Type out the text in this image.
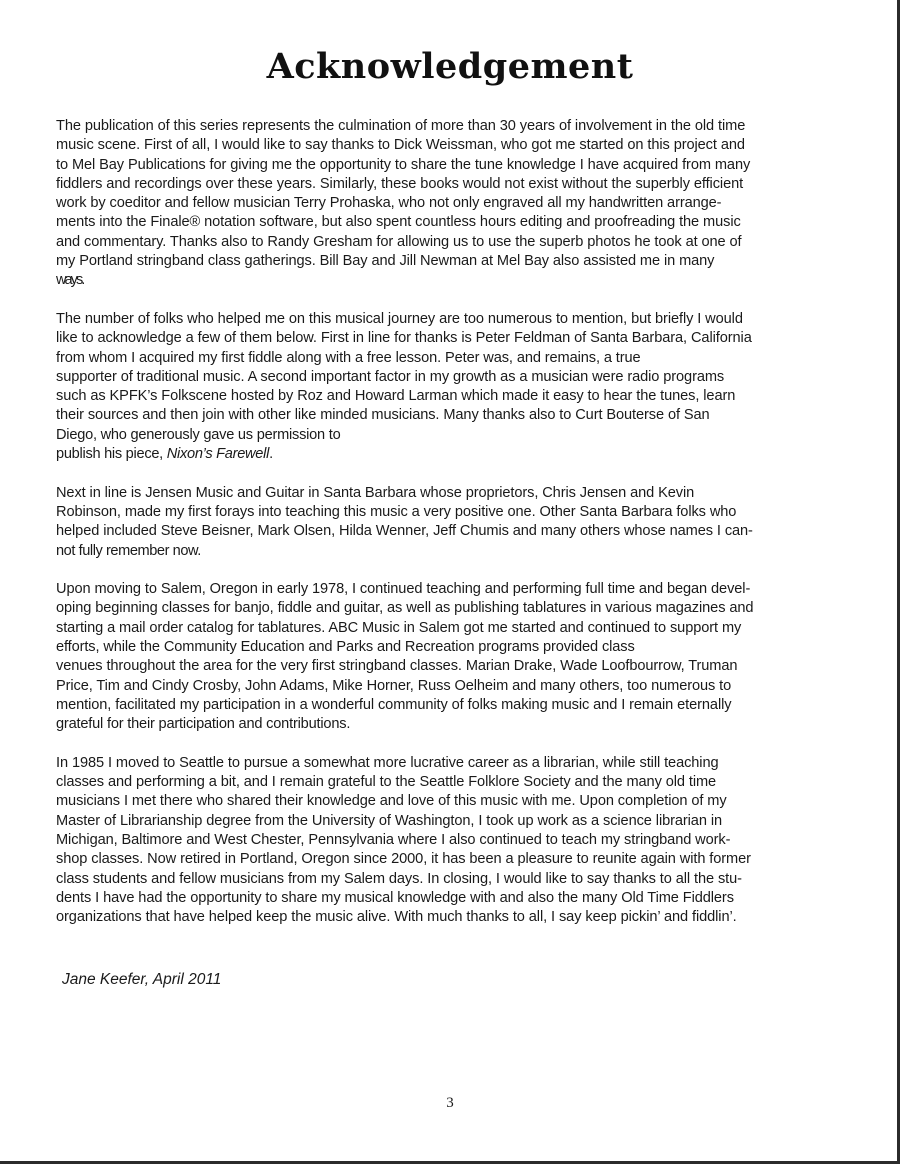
Acknowledgement

The publication of this series represents the culmination of more than 30 years of involvement in the old time
music scene. First of all, I would like to say thanks to Dick Weissman, who got me started on this project and
to Mel Bay Publications for giving me the opportunity to share the tune knowledge I have acquired from many
fiddlers and recordings over these years. Similarly, these books would not exist without the superbly efficient
work by coeditor and fellow musician Terry Prohaska, who not only engraved all my handwritten arrange-
ments into the Finale® notation software, but also spent countless hours editing and proofreading the music
and commentary. Thanks also to Randy Gresham for allowing us to use the superb photos he took at one of
my Portland stringband class gatherings. Bill Bay and Jill Newman at Mel Bay also assisted me in many
ways.

The number of folks who helped me on this musical journey are too numerous to mention, but briefly I would
like to acknowledge a few of them below. First in line for thanks is Peter Feldman of Santa Barbara, California
from whom I acquired my first fiddle along with a free lesson. Peter was, and remains, a true
supporter of traditional music. A second important factor in my growth as a musician were radio programs
such as KPFK’s Folkscene hosted by Roz and Howard Larman which made it easy to hear the tunes, learn
their sources and then join with other like minded musicians. Many thanks also to Curt Bouterse of San
Diego, who generously gave us permission to
publish his piece, Nixon’s Farewell.

Next in line is Jensen Music and Guitar in Santa Barbara whose proprietors, Chris Jensen and Kevin
Robinson, made my first forays into teaching this music a very positive one. Other Santa Barbara folks who
helped included Steve Beisner, Mark Olsen, Hilda Wenner, Jeff Chumis and many others whose names I can-
not fully remember now.

Upon moving to Salem, Oregon in early 1978, I continued teaching and performing full time and began devel-
oping beginning classes for banjo, fiddle and guitar, as well as publishing tablatures in various magazines and
starting a mail order catalog for tablatures. ABC Music in Salem got me started and continued to support my
efforts, while the Community Education and Parks and Recreation programs provided class
venues throughout the area for the very first stringband classes. Marian Drake, Wade Loofbourrow, Truman
Price, Tim and Cindy Crosby, John Adams, Mike Horner, Russ Oelheim and many others, too numerous to
mention, facilitated my participation in a wonderful community of folks making music and I remain eternally
grateful for their participation and contributions.

In 1985 I moved to Seattle to pursue a somewhat more lucrative career as a librarian, while still teaching
classes and performing a bit, and I remain grateful to the Seattle Folklore Society and the many old time
musicians I met there who shared their knowledge and love of this music with me. Upon completion of my
Master of Librarianship degree from the University of Washington, I took up work as a science librarian in
Michigan, Baltimore and West Chester, Pennsylvania where I also continued to teach my stringband work-
shop classes. Now retired in Portland, Oregon since 2000, it has been a pleasure to reunite again with former
class students and fellow musicians from my Salem days. In closing, I would like to say thanks to all the stu-
dents I have had the opportunity to share my musical knowledge with and also the many Old Time Fiddlers
organizations that have helped keep the music alive. With much thanks to all, I say keep pickin’ and fiddlin’.

Jane Keefer, April 2011
3
